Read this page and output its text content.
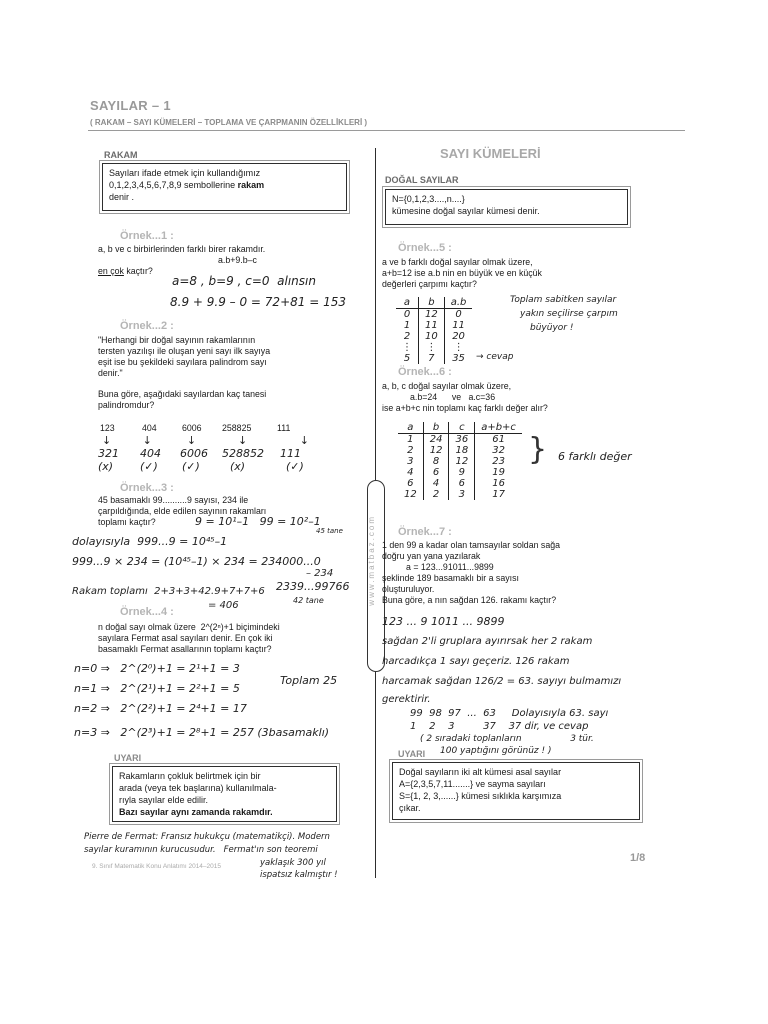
SAYILAR – 1
( RAKAM – SAYI KÜMELERİ – TOPLAMA VE ÇARPMANIN ÖZELLİKLERİ )
www.matbaz.com
RAKAM
Sayıları ifade etmek için kullandığımız
0,1,2,3,4,5,6,7,8,9 sembollerine rakam
denir .
Örnek...1 :
a, b ve c birbirlerinden farklı birer rakamdır.
a.b+9.b–c
en çok kaçtır?
a=8 , b=9 , c=0  alınsın
8.9 + 9.9 – 0 = 72+81 = 153
Örnek...2 :
"Herhangi bir doğal sayının rakamlarının
tersten yazılışı ile oluşan yeni sayı ilk sayıya
eşit ise bu şekildeki sayılara palindrom sayı
denir."
Buna göre, aşağıdaki sayılardan kaç tanesi
palindromdur?
123	404	6006 258825	111
↓         ↓          ↓            ↓               ↓
321 404 6006 528852 111
(x) (✓) (✓)	(x)	(✓)
Örnek...3 :
45 basamaklı 99..........9 sayısı, 234 ile
çarpıldığında, elde edilen sayının rakamları
toplamı kaçtır?	9 = 10¹–1   99 = 10²–1
45 tane
dolayısıyla  999...9 = 10⁴⁵–1
999...9 × 234 = (10⁴⁵–1) × 234 = 234000...0
– 234
2339...99766
42 tane
Rakam toplamı  2+3+3+42.9+7+7+6
= 406
Örnek...4 :
n doğal sayı olmak üzere  2^(2ⁿ)+1 biçimindeki
sayılara Fermat asal sayıları denir. En çok iki
basamaklı Fermat asallarının toplamı kaçtır?
n=0 ⇒   2^(2⁰)+1 = 2¹+1 = 3
n=1 ⇒   2^(2¹)+1 = 2²+1 = 5
n=2 ⇒   2^(2²)+1 = 2⁴+1 = 17
n=3 ⇒   2^(2³)+1 = 2⁸+1 = 257 (3basamaklı)
Toplam 25
UYARI
Rakamların çokluk belirtmek için bir
arada (veya tek başlarına) kullanılmala-
rıyla sayılar elde edilir.
Bazı sayılar aynı zamanda rakamdır.
Pierre de Fermat: Fransız hukukçu (matematikçi). Modern
sayılar kuramının kurucusudur.   Fermat'ın son teoremi
yaklaşık 300 yıl
ispatsız kalmıştır !
SAYI KÜMELERİ
DOĞAL SAYILAR
N={0,1,2,3....,n....}
kümesine doğal sayılar kümesi denir.
Örnek...5 :
a ve b farklı doğal sayılar olmak üzere,
a+b=12 ise a.b nin en büyük ve en küçük
değerleri çarpımı kaçtır?
a	b	a.b
0	12	0
1	11	11
2	10	20
⋮	⋮	⋮
5	7	35
Toplam sabitken sayılar
yakın seçilirse çarpım
büyüyor !
→ cevap
Örnek...6 :
a, b, c doğal sayılar olmak üzere,
a.b=24      ve   a.c=36
ise a+b+c nin toplamı kaç farklı değer alır?
a	b	c	a+b+c
1	24	36	61
2	12	18	32
3	8	12	23
4	6	9	19
6	4	6	16
12	2	3	17
} 6 farklı değer
Örnek...7 :
1 den 99 a kadar olan tamsayılar soldan sağa
doğru yan yana yazılarak
a = 123...91011...9899
şeklinde 189 basamaklı bir a sayısı
oluşturuluyor.
Buna göre, a nın sağdan 126. rakamı kaçtır?
123 ... 9 1011 ... 9899
sağdan 2'li gruplara ayırırsak her 2 rakam
harcadıkça 1 sayı geçeriz. 126 rakam
harcamak sağdan 126/2 = 63. sayıyı bulmamızı
gerektirir.
99  98  97  ...  63     Dolayısıyla 63. sayı
1    2    3         37    37 dir, ve cevap
( 2 sıradaki toplanların                 3 tür.
100 yaptığını görünüz ! )
UYARI
Doğal sayıların iki alt kümesi asal sayılar
A={2,3,5,7,11.......} ve sayma sayıları
S={1, 2, 3,......} kümesi sıklıkla karşımıza
çıkar.
9. Sınıf Matematik Konu Anlatımı 2014–2015
1/8
